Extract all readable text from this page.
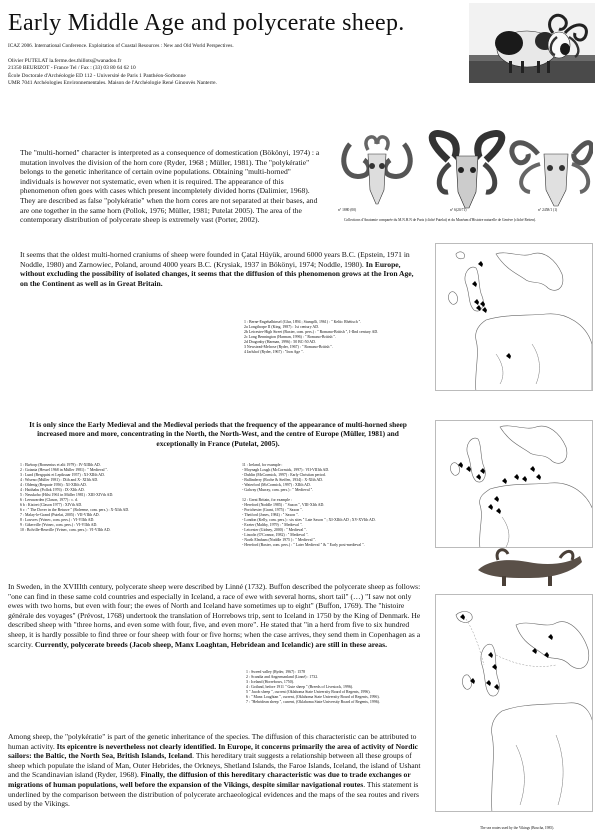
Early Middle Age and polycerate sheep.
ICAZ 2006. International Conference. Exploitation of Coastal Resources : New and Old World Perspectives.
Olivier PUTELAT la.ferme.des.thillots@wanadoo.fr
21350 BEURIZOT - France Tel / Fax : (33) 03 80 64 62 10
École Doctorale d'Archéologie ED 112 - Université de Paris 1 Panthéon-Sorbonne
UMR 7041 Archéologies Environnementales. Maison de l'Archéologie René Ginouvès Nanterre.
The "multi-horned" character is interpreted as a consequence of domestication (Bökönyi, 1974) : a mutation involves the division of the horn core (Ryder, 1968 ; Müller, 1981). The "polykératie" belongs to the genetic inheritance of certain ovine populations. Obtaining "multi-horned" individuals is however not systematic, even when it is required. The appearance of this phenomenon often goes with cases which present incompletely divided horns (Dalimier, 1968). They are described as false "polykératie" when the horn cores are not separated at their bases, and are one together in the same horn (Pollok, 1976; Müller, 1981; Putelat 2005). The area of the contemporary distribution of polycerate sheep is extremely vast (Porter, 2002).
n° 1880 (00)	n° 6(20/71)	n° 2458/1 (1)
Collections d'Anatomie comparée du M.N.H.N de Paris (cliché Putelat) et du Muséum d'Histoire naturelle de Genève (cliché Reiten).
It seems that the oldest multi-horned craniums of sheep were founded in Çatal Hüyük, around 6000 years B.C. (Epstein, 1971 in Noddle, 1980) and Zarnowiec, Poland, around 4000 years B.C. (Krysiak, 1937 in Bökönyi, 1974; Noddle, 1980). In Europe, without excluding the possibility of isolated changes, it seems that the diffusion of this phenomenon grows at the Iron Age, on the Continent as well as in Great Britain.
1 : Berne-Engehalbinsel (Glur, 1894 ; Stampfli, 1961) : " Keltic Rhétisch ".
2a Longthorpe II (King, 1987) : 1st century AD.
2b Leicester-High Street (Baxter, com. pers.) : " Romano-British ", I-IInd century AD.
2c Long Bennington (Harman, 1996) : " Romano-British ".
2d Dragonby (Harman, 1996) : 50 BC-50 AD.
3 Newstead-Melrose (Ryder, 1967) : " Romano-British ".
4 Jarlshof (Ryder, 1967) : "Iron Age ".
It is only since the Early Medieval and the Medieval periods that the frequency of the appearance of multi-horned sheep increased more and more, concentrating in the North, the North-West, and the centre of Europe (Müller, 1981) and exceptionally in France (Putelat, 2005).
1 : Ekétorp (Bonsenius et alii 1979) : IV-XIIIth AD.
2 : Goiania (Hessel 1968 in Müller 1981) : " Medieval ".
3 : Lund (Bergquist et Lepiksaar 1957) : XI-XIIth AD.
4 : Wiseno (Müller 1981) : IXth and X- XIIth AD.
4 : Oldenig (Requate 1956) : XI-XIIth AD.
4 : Haithabu (Pollok 1976) : IX-XIth AD.
5 : Neuskoho (Hilsi 1961 in Müller 1981) : XIII-XIVth AD.
6 : Leeuwarden (Clason, 1977) : c. d.
6 b : Kiziret (Clason 1977) : XIVth AD.
6 c : " The Dover in the Betuwe " (Roleeme, com. pers.) : X-XIth AD.
7 : Malay-le-Grand (Putelat, 2005) : VII-VIIth AD.
8 : Louvres (Yvinec, com. pers.) : VI-VIIth AD.
9 : Gikerville (Yvinec, com. pers.) : VI-VIIth AD.
10 : Bolville-Beuville (Yvinec, com. pers.) : VI-VIIth AD.
11 : Ireland, for example :
- Moynagh Lough (McCormick, 1997) : VII-VIIIth AD.
- Dublin (McCormick, 1997) : Early Christian period.
- Ballinderry (Roche & Steffen, 1934) : X-XIth AD.
- Waterford (McCormick, 1997) : XIIth AD.
- Galway (Murray, com. pers.) : " Medieval ".

12 : Great Britain, for example :
- Hereford (Noddle 1985) : " Saxon ", VIII-XIth AD.
- Portchester (Grant, 1975) : " Saxon ".
- Thetford (Jones, 1984) : " Saxon ".
- London (Kelly, com. pers.) : six sites " Late Saxon " ; XI-XIIth AD ; XV-XVIth AD.
- Exeter (Maltby, 1979) : " Medieval ".
- Leicester (Gidney, 2000) : " Medieval ".
- Lincoln (O'Connor, 1982) : " Medieval ".
- North Elmham (Noddle 1975 ) : " Medieval ".
- Hereford (Baxter, com. pers.) : " Later Medieval " & " Early post-medieval ".
In Sweden, in the XVIIIth century, polycerate sheep were described by Linné (1732). Buffon described the polycerate sheep as follows: "one can find in these same cold countries and especially in Iceland, a race of ewe with several horns, short tail" (…) "I saw not only ewes with two horns, but even with four; the ewes of North and Iceland have sometimes up to eight" (Buffon, 1769). The "histoire générale des voyages" (Prévost, 1768) undertook the translation of Horrebows trip, sent to Iceland in 1750 by the King of Denmark. He described sheep with "three horns, and even some with four, five, and even more". He stated that "in a herd from five to six hundred sheep, it is hardly possible to find three or four sheep with four or five horns; when the case arrives, they send them in Copenhagen as a scarcity. Currently, polycerate breeds (Jacob sheep, Manx Loaghtan, Hebridean and Icelandic) are still in these areas.
1 : Sweed valley (Ryder, 1967) : 1578
2 : Scandia and Angermanland (Linné) : 1732.
3 : Iceland (Horrebows, 1750).
4 : Gotland, before 1911 " Gute sheep " (Breeds of Livestock, 1996).
5 " Jacob sheep ", current (Oklahoma State University Board of Regents, 1996).
6 : " Manx Loaghtan ", current, (Oklahoma State University Board of Regents, 1996).
7 : "Hebridean sheep ", current, (Oklahoma State University Board of Regents, 1996).
Among sheep, the "polykératie" is part of the genetic inheritance of the species. The diffusion of this characteristic can be attributed to human activity. Its epicentre is nevertheless not clearly identified. In Europe, it concerns primarily the area of activity of Nordic sailors: the Baltic, the North Sea, British Islands, Iceland. This hereditary trait suggests a relationship between all these groups of sheep which populate the island of Man, Outer Hebrides, the Orkneys, Shetland Islands, the Faroe Islands, Iceland, the island of Ushant and the Scandinavian island (Ryder, 1968). Finally, the diffusion of this hereditary characteristic was due to trade exchanges or migrations of human populations, well before the expansion of the Vikings, despite similar navigational routes. This statement is underlined by the comparison between the distribution of polycerate archaeological evidences and the maps of the sea routes and rivers used by the Vikings.
The sea routes used by the Vikings (Boucha, 1985).
